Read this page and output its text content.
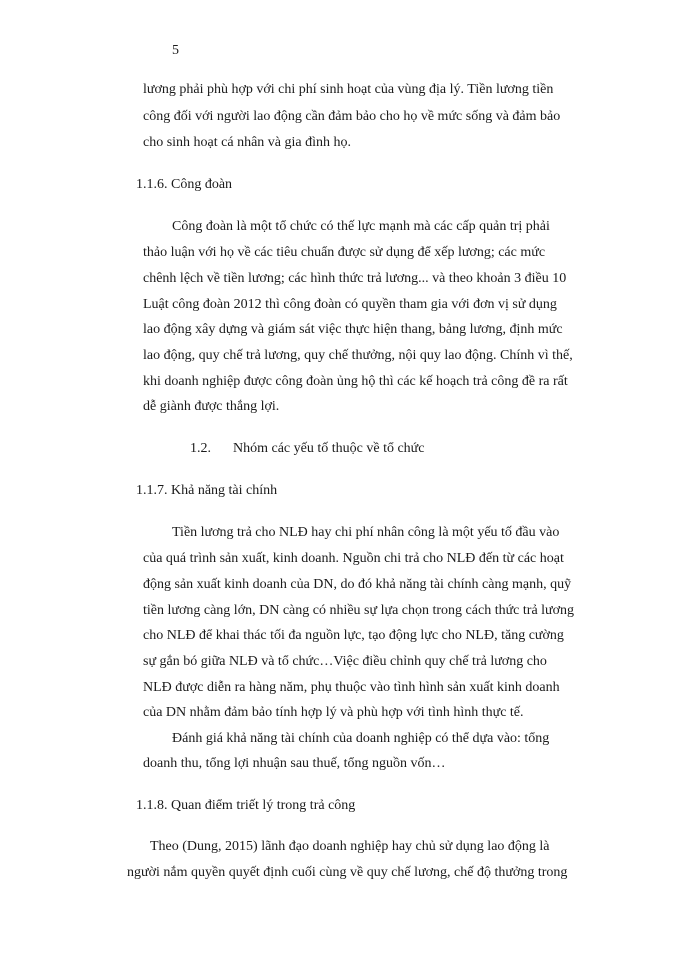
5
lương phải phù hợp với chi phí sinh hoạt của vùng địa lý. Tiền lương tiền
công đối với người lao động cần đảm bảo cho họ về mức sống và đảm bảo
cho sinh hoạt cá nhân và gia đình họ.
1.1.6. Công đoàn
Công đoàn là một tổ chức có thế lực mạnh mà các cấp quản trị phải
thảo luận với họ về các tiêu chuẩn được sử dụng để xếp lương; các mức
chênh lệch về tiền lương; các hình thức trả lương... và theo khoản 3 điều 10
Luật công đoàn 2012 thì công đoàn có quyền tham gia với đơn vị sử dụng
lao động xây dựng và giám sát việc thực hiện thang, bảng lương, định mức
lao động, quy chế trả lương, quy chế thưởng, nội quy lao động. Chính vì thế,
khi doanh nghiệp được công đoàn ủng hộ thì các kế hoạch trả công đề ra rất
dễ giành được thắng lợi.
1.2. Nhóm các yếu tố thuộc về tổ chức
1.1.7. Khả năng tài chính
Tiền lương trả cho NLĐ hay chi phí nhân công là một yếu tố đầu vào
của quá trình sản xuất, kinh doanh. Nguồn chi trả cho NLĐ đến từ các hoạt
động sản xuất kinh doanh của DN, do đó khả năng tài chính càng mạnh, quỹ
tiền lương càng lớn, DN càng có nhiều sự lựa chọn trong cách thức trả lương
cho NLĐ để khai thác tối đa nguồn lực, tạo động lực cho NLĐ, tăng cường
sự gắn bó giữa NLĐ và tổ chức…Việc điều chỉnh quy chế trả lương cho
NLĐ được diễn ra hàng năm, phụ thuộc vào tình hình sản xuất kinh doanh
của DN nhằm đảm bảo tính hợp lý và phù hợp với tình hình thực tế.
Đánh giá khả năng tài chính của doanh nghiệp có thể dựa vào: tổng
doanh thu, tổng lợi nhuận sau thuế, tổng nguồn vốn…
1.1.8. Quan điểm triết lý trong trả công
Theo (Dung, 2015) lãnh đạo doanh nghiệp hay chủ sử dụng lao động là
người nắm quyền quyết định cuối cùng về quy chế lương, chế độ thưởng trong
